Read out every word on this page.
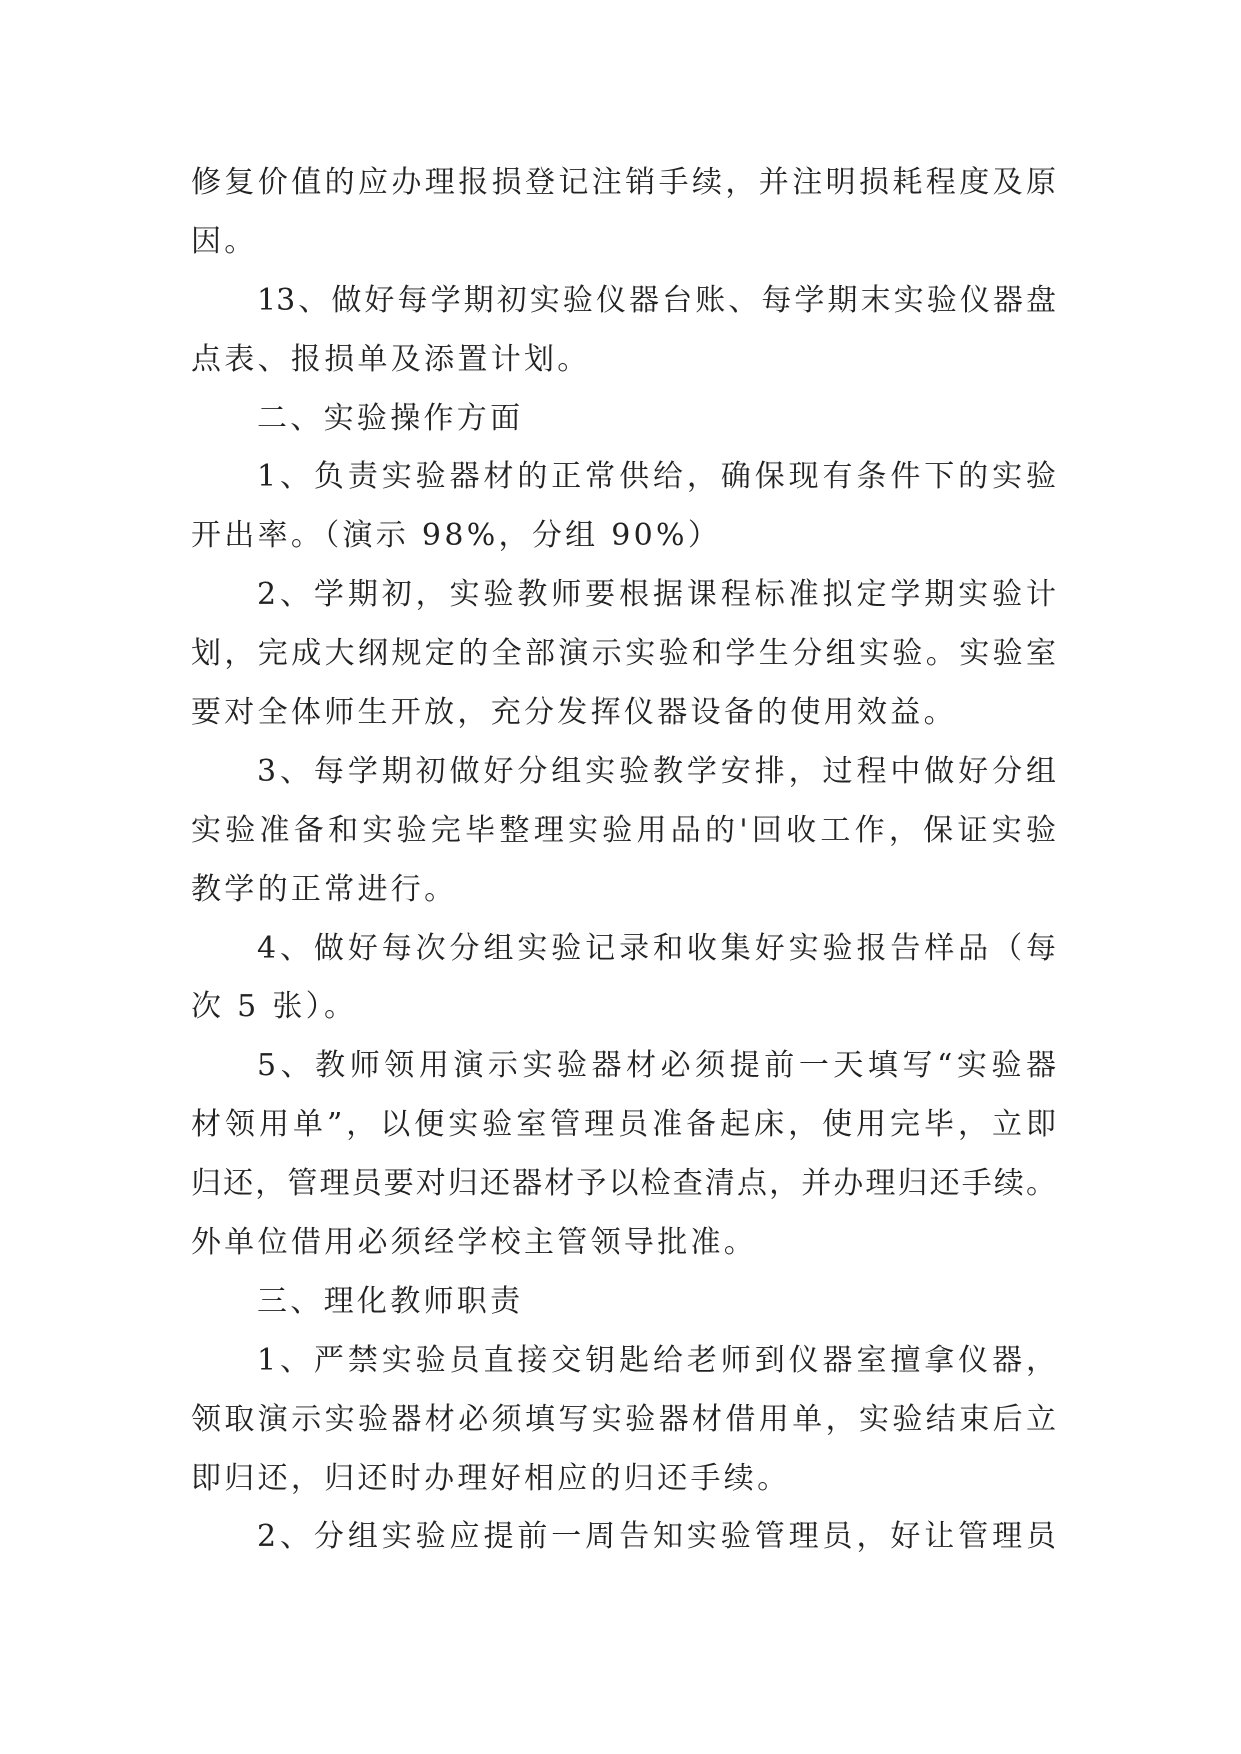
修复价值的应办理报损登记注销手续，并注明损耗程度及原
因。
13、做好每学期初实验仪器台账、每学期末实验仪器盘
点表、报损单及添置计划。
二、实验操作方面
1、负责实验器材的正常供给，确保现有条件下的实验
开出率。（演示 98%，分组 90%）
2、学期初，实验教师要根据课程标准拟定学期实验计
划，完成大纲规定的全部演示实验和学生分组实验。实验室
要对全体师生开放，充分发挥仪器设备的使用效益。
3、每学期初做好分组实验教学安排，过程中做好分组
实验准备和实验完毕整理实验用品的'回收工作，保证实验
教学的正常进行。
4、做好每次分组实验记录和收集好实验报告样品（每
次 5 张）。
5、教师领用演示实验器材必须提前一天填写“实验器
材领用单”，以便实验室管理员准备起床，使用完毕，立即
归还，管理员要对归还器材予以检查清点，并办理归还手续。
外单位借用必须经学校主管领导批准。
三、理化教师职责
1、严禁实验员直接交钥匙给老师到仪器室擅拿仪器，
领取演示实验器材必须填写实验器材借用单，实验结束后立
即归还，归还时办理好相应的归还手续。
2、分组实验应提前一周告知实验管理员，好让管理员
